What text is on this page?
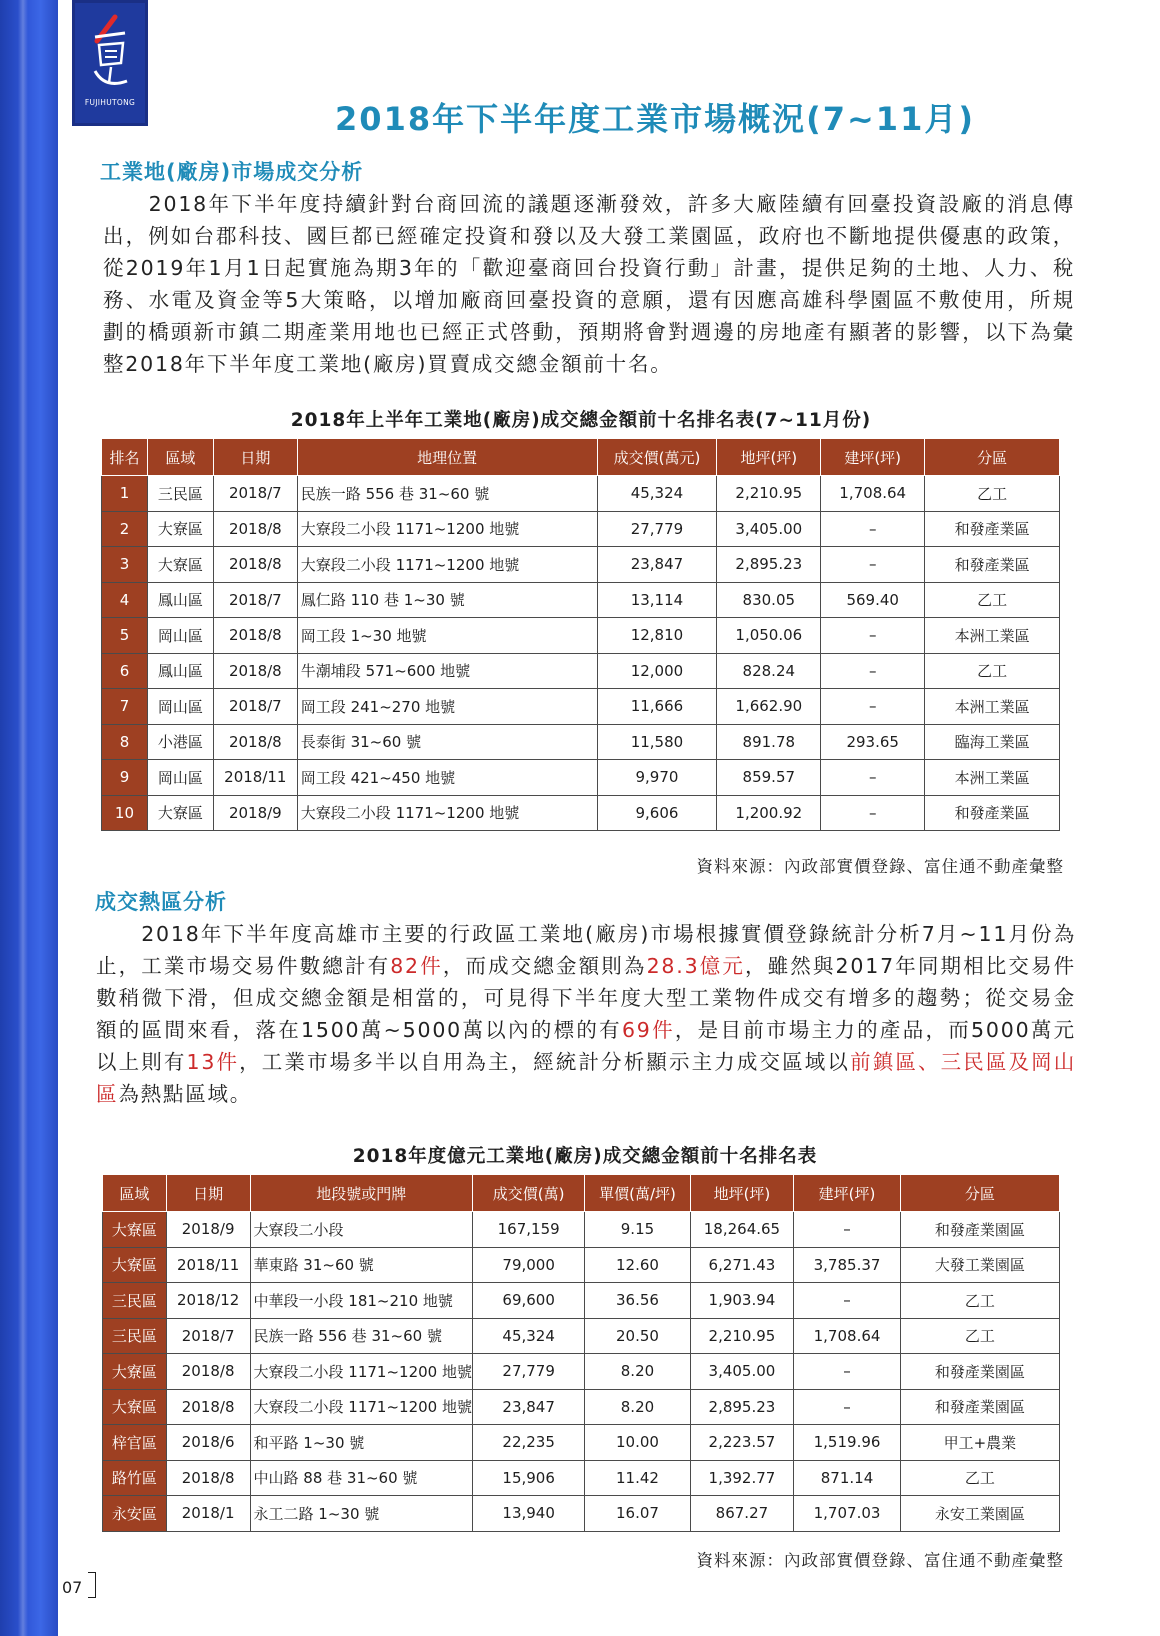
FUJIHUTONG	2018年下半年度工業市場概況(7~11月)
工業地(廠房)市場成交分析
　　2018年下半年度持續針對台商回流的議題逐漸發效，許多大廠陸續有回臺投資設廠的消息傳出，例如台郡科技、國巨都已經確定投資和發以及大發工業園區，政府也不斷地提供優惠的政策，從2019年1月1日起實施為期3年的「歡迎臺商回台投資行動」計畫，提供足夠的土地、人力、稅務、水電及資金等5大策略，以增加廠商回臺投資的意願，還有因應高雄科學園區不敷使用，所規劃的橋頭新市鎮二期產業用地也已經正式啓動，預期將會對週邊的房地產有顯著的影響，以下為彙整2018年下半年度工業地(廠房)買賣成交總金額前十名。
2018年上半年工業地(廠房)成交總金額前十名排名表(7~11月份)
排名	區域	日期	地理位置	成交價(萬元)	地坪(坪)	建坪(坪)	分區
1	三民區	2018/7	民族一路 556 巷 31~60 號	45,324	2,210.95	1,708.64	乙工
2	大寮區	2018/8	大寮段二小段 1171~1200 地號	27,779	3,405.00	–	和發產業區
3	大寮區	2018/8	大寮段二小段 1171~1200 地號	23,847	2,895.23	–	和發產業區
4	鳳山區	2018/7	鳳仁路 110 巷 1~30 號	13,114	830.05	569.40	乙工
5	岡山區	2018/8	岡工段 1~30 地號	12,810	1,050.06	–	本洲工業區
6	鳳山區	2018/8	牛潮埔段 571~600 地號	12,000	828.24	–	乙工
7	岡山區	2018/7	岡工段 241~270 地號	11,666	1,662.90	–	本洲工業區
8	小港區	2018/8	長泰街 31~60 號	11,580	891.78	293.65	臨海工業區
9	岡山區	2018/11	岡工段 421~450 地號	9,970	859.57	–	本洲工業區
10	大寮區	2018/9	大寮段二小段 1171~1200 地號	9,606	1,200.92	–	和發產業區
資料來源：內政部實價登錄、富住通不動產彙整
成交熱區分析
　　2018年下半年度高雄市主要的行政區工業地(廠房)市場根據實價登錄統計分析7月~11月份為止，工業市場交易件數總計有82件，而成交總金額則為28.3億元，雖然與2017年同期相比交易件數稍微下滑，但成交總金額是相當的，可見得下半年度大型工業物件成交有增多的趨勢；從交易金額的區間來看，落在1500萬~5000萬以內的標的有69件，是目前市場主力的產品，而5000萬元以上則有13件，工業市場多半以自用為主，經統計分析顯示主力成交區域以前鎮區、三民區及岡山區為熱點區域。
2018年度億元工業地(廠房)成交總金額前十名排名表
區域	日期	地段號或門牌	成交價(萬)	單價(萬/坪)	地坪(坪)	建坪(坪)	分區
大寮區	2018/9	大寮段二小段	167,159	9.15	18,264.65	–	和發產業園區
大寮區	2018/11	華東路 31~60 號	79,000	12.60	6,271.43	3,785.37	大發工業園區
三民區	2018/12	中華段一小段 181~210 地號	69,600	36.56	1,903.94	–	乙工
三民區	2018/7	民族一路 556 巷 31~60 號	45,324	20.50	2,210.95	1,708.64	乙工
大寮區	2018/8	大寮段二小段 1171~1200 地號	27,779	8.20	3,405.00	–	和發產業園區
大寮區	2018/8	大寮段二小段 1171~1200 地號	23,847	8.20	2,895.23	–	和發產業園區
梓官區	2018/6	和平路 1~30 號	22,235	10.00	2,223.57	1,519.96	甲工+農業
路竹區	2018/8	中山路 88 巷 31~60 號	15,906	11.42	1,392.77	871.14	乙工
永安區	2018/1	永工二路 1~30 號	13,940	16.07	867.27	1,707.03	永安工業園區
資料來源：內政部實價登錄、富住通不動產彙整
07
